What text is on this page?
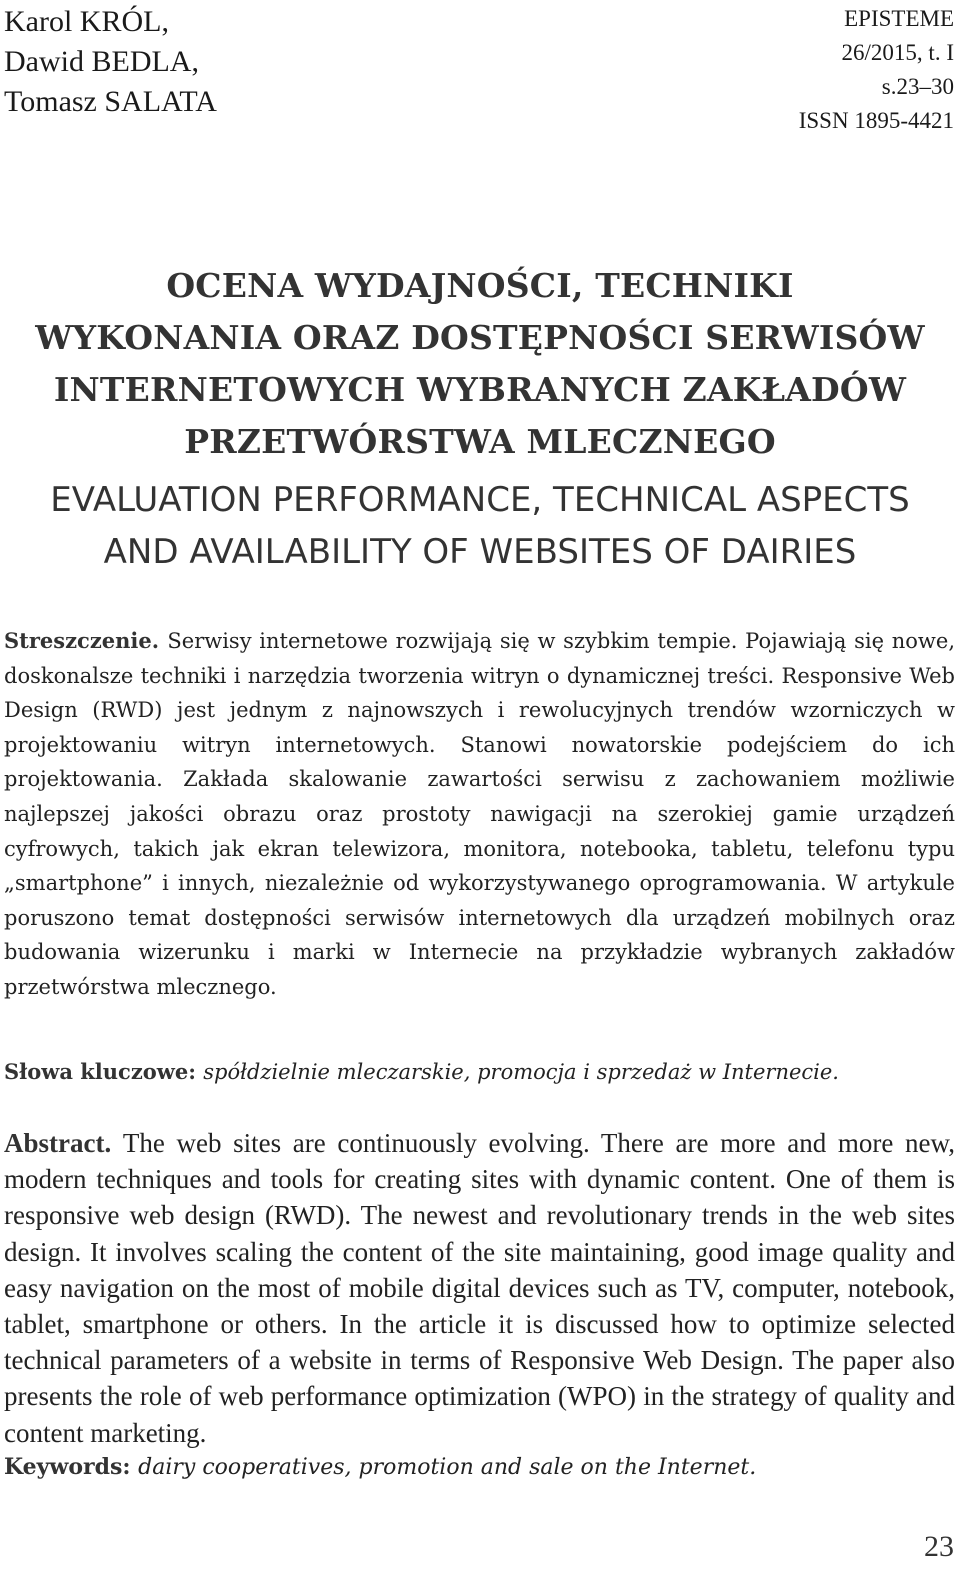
Karol KRÓL,
Dawid BEDLA,
Tomasz SALATA
EPISTEME
26/2015, t. I
s.23–30
ISSN 1895-4421
OCENA WYDAJNOŚCI, TECHNIKI
WYKONANIA ORAZ DOSTĘPNOŚCI SERWISÓW
INTERNETOWYCH WYBRANYCH ZAKŁADÓW
PRZETWÓRSTWA MLECZNEGO
EVALUATION PERFORMANCE, TECHNICAL ASPECTS
AND AVAILABILITY OF WEBSITES OF DAIRIES
Streszczenie. Serwisy internetowe rozwijają się w szybkim tempie. Pojawiają się nowe, doskonalsze techniki i narzędzia tworzenia witryn o dynamicznej treści. Responsive Web Design (RWD) jest jednym z najnowszych i rewolucyjnych trendów wzorniczych w projektowaniu witryn internetowych. Stanowi nowatorskie podejściem do ich projektowania. Zakłada skalowanie zawartości serwisu z zachowaniem możliwie najlepszej jakości obrazu oraz prostoty nawigacji na szerokiej gamie urządzeń cyfrowych, takich jak ekran telewizora, monitora, notebooka, tabletu, telefonu typu „smartphone” i innych, niezależnie od wykorzystywanego oprogramowania. W artykule poruszono temat dostępności serwisów internetowych dla urządzeń mobilnych oraz budowania wizerunku i marki w Internecie na przykładzie wybranych zakładów przetwórstwa mlecznego.
Słowa kluczowe: spółdzielnie mleczarskie, promocja i sprzedaż w Internecie.
Abstract. The web sites are continuously evolving. There are more and more new, modern techniques and tools for creating sites with dynamic content. One of them is responsive web design (RWD). The newest and revolutionary trends in the web sites design. It involves scaling the content of the site maintaining, good image quality and easy navigation on the most of mobile digital devices such as TV, computer, notebook, tablet, smartphone or others. In the article it is discussed how to optimize selected technical parameters of a website in terms of Responsive Web Design. The paper also presents the role of web performance optimization (WPO) in the strategy of quality and content marketing.
Keywords: dairy cooperatives, promotion and sale on the Internet.
23
